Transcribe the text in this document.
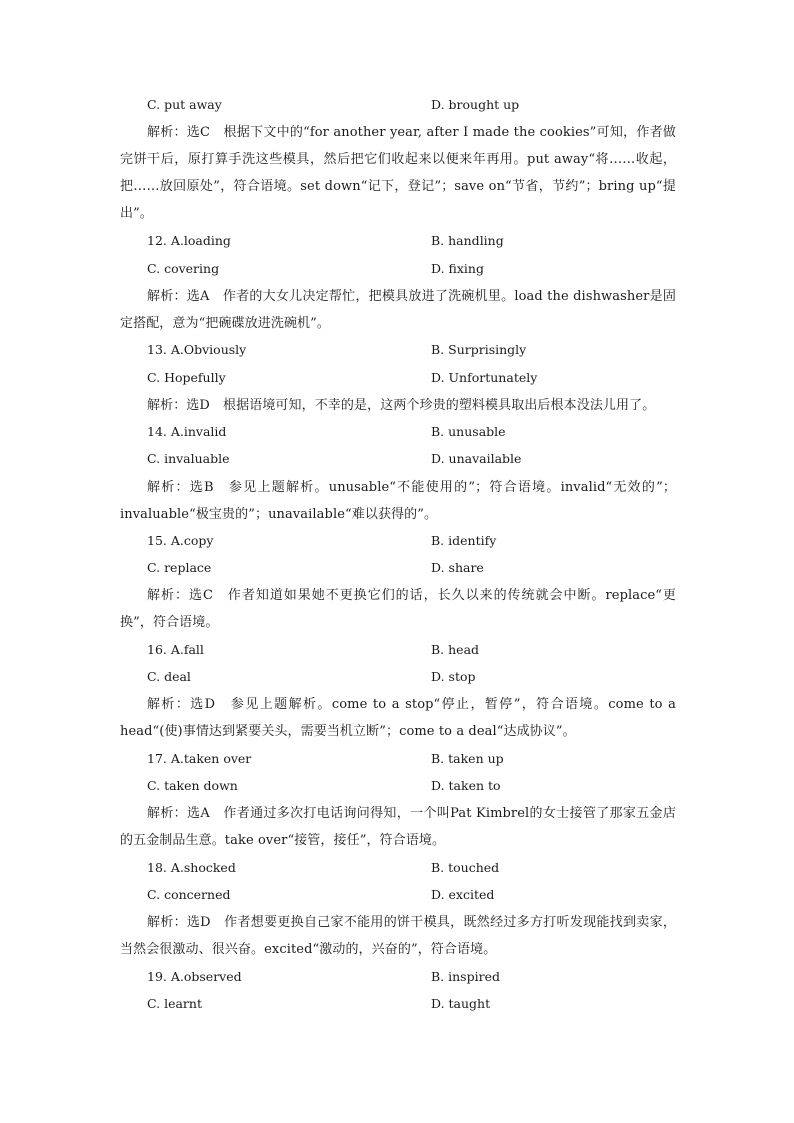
C. put away	D. brought up
解析：选C　根据下文中的“for another year, after I made the cookies”可知，作者做完饼干后，原打算手洗这些模具，然后把它们收起来以便来年再用。put away“将……收起，把……放回原处”，符合语境。set down“记下，登记”；save on“节省，节约”；bring up“提出”。
12. A.loading	B. handling
C. covering	D. fixing
解析：选A　作者的大女儿决定帮忙，把模具放进了洗碗机里。load the dishwasher是固定搭配，意为“把碗碟放进洗碗机”。
13. A.Obviously	B. Surprisingly
C. Hopefully	D. Unfortunately
解析：选D　根据语境可知，不幸的是，这两个珍贵的塑料模具取出后根本没法儿用了。
14. A.invalid	B. unusable
C. invaluable	D. unavailable
解析：选B　参见上题解析。unusable“不能使用的”；符合语境。invalid“无效的”；invaluable“极宝贵的”；unavailable“难以获得的”。
15. A.copy	B. identify
C. replace	D. share
解析：选C　作者知道如果她不更换它们的话，长久以来的传统就会中断。replace“更换”，符合语境。
16. A.fall	B. head
C. deal	D. stop
解析：选D　参见上题解析。come to a stop“停止，暂停”，符合语境。come to a head“(使)事情达到紧要关头，需要当机立断”；come to a deal“达成协议”。
17. A.taken over	B. taken up
C. taken down	D. taken to
解析：选A　作者通过多次打电话询问得知，一个叫Pat Kimbrel的女士接管了那家五金店的五金制品生意。take over“接管，接任”，符合语境。
18. A.shocked	B. touched
C. concerned	D. excited
解析：选D　作者想要更换自己家不能用的饼干模具，既然经过多方打听发现能找到卖家，当然会很激动、很兴奋。excited“激动的，兴奋的”，符合语境。
19. A.observed	B. inspired
C. learnt	D. taught
